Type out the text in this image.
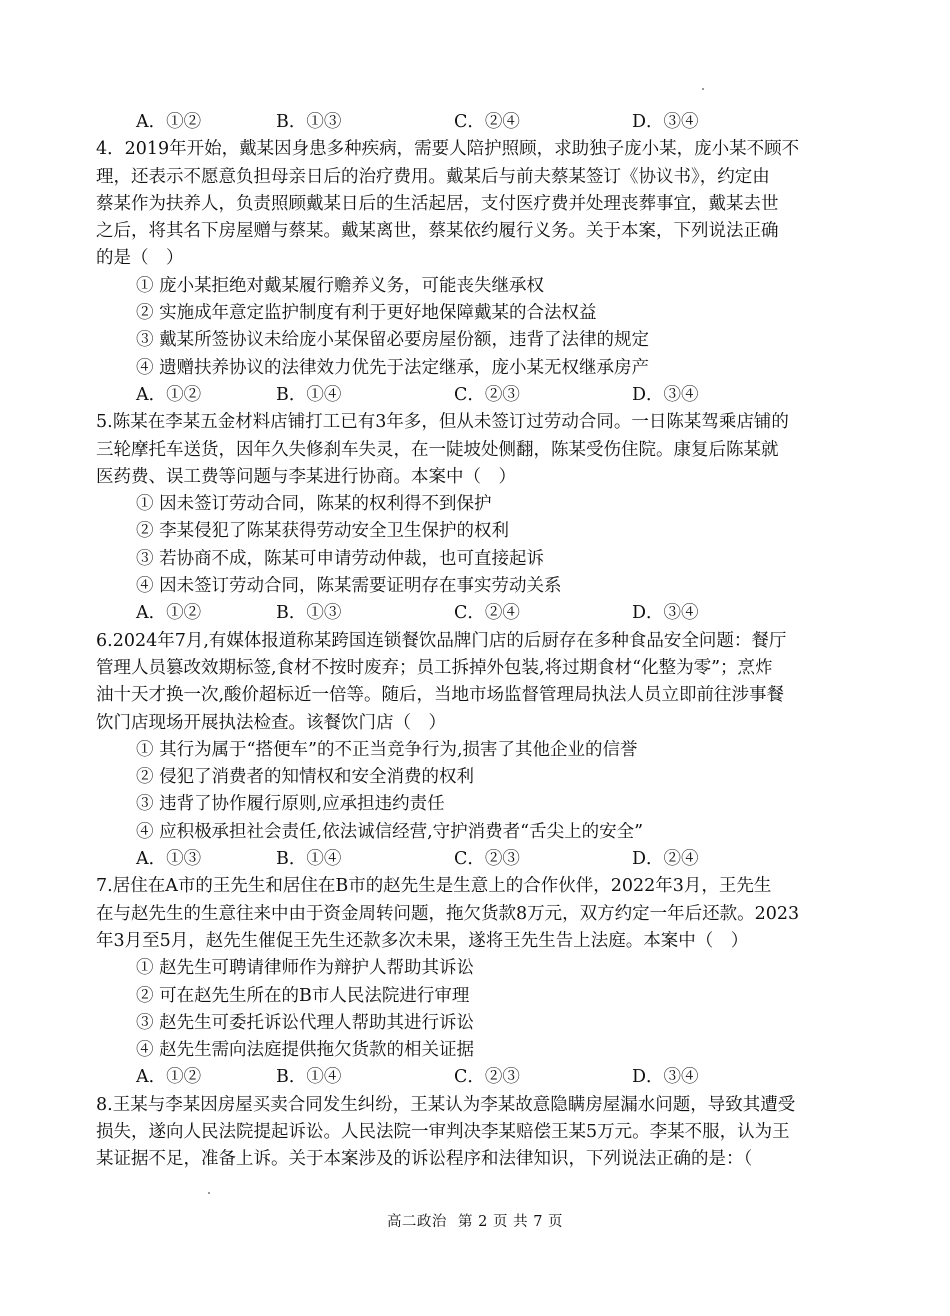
A．①②	B．①③	C．②④	D．③④
4．2019年开始，戴某因身患多种疾病，需要人陪护照顾，求助独子庞小某，庞小某不顾不
理，还表示不愿意负担母亲日后的治疗费用。戴某后与前夫蔡某签订《协议书》，约定由
蔡某作为扶养人，负责照顾戴某日后的生活起居，支付医疗费并处理丧葬事宜，戴某去世
之后，将其名下房屋赠与蔡某。戴某离世，蔡某依约履行义务。关于本案，下列说法正确
的是（　）
① 庞小某拒绝对戴某履行赡养义务，可能丧失继承权
② 实施成年意定监护制度有利于更好地保障戴某的合法权益
③ 戴某所签协议未给庞小某保留必要房屋份额，违背了法律的规定
④ 遗赠扶养协议的法律效力优先于法定继承，庞小某无权继承房产
A．①②	B．①④	C．②③	D．③④
5.陈某在李某五金材料店铺打工已有3年多，但从未签订过劳动合同。一日陈某驾乘店铺的
三轮摩托车送货，因年久失修刹车失灵，在一陡坡处侧翻，陈某受伤住院。康复后陈某就
医药费、误工费等问题与李某进行协商。本案中（　）
① 因未签订劳动合同，陈某的权利得不到保护
② 李某侵犯了陈某获得劳动安全卫生保护的权利
③ 若协商不成，陈某可申请劳动仲裁，也可直接起诉
④ 因未签订劳动合同，陈某需要证明存在事实劳动关系
A．①②	B．①③	C．②④	D．③④
6.2024年7月,有媒体报道称某跨国连锁餐饮品牌门店的后厨存在多种食品安全问题：餐厅
管理人员篡改效期标签,食材不按时废弃；员工拆掉外包装,将过期食材“化整为零”；烹炸
油十天才换一次,酸价超标近一倍等。随后，当地市场监督管理局执法人员立即前往涉事餐
饮门店现场开展执法检查。该餐饮门店（　）
① 其行为属于“搭便车”的不正当竞争行为,损害了其他企业的信誉
② 侵犯了消费者的知情权和安全消费的权利
③ 违背了协作履行原则,应承担违约责任
④ 应积极承担社会责任,依法诚信经营,守护消费者“舌尖上的安全”
A．①③	B．①④	C．②③	D．②④
7.居住在A市的王先生和居住在B市的赵先生是生意上的合作伙伴，2022年3月，王先生
在与赵先生的生意往来中由于资金周转问题，拖欠货款8万元，双方约定一年后还款。2023
年3月至5月，赵先生催促王先生还款多次未果，遂将王先生告上法庭。本案中（　）
① 赵先生可聘请律师作为辩护人帮助其诉讼
② 可在赵先生所在的B市人民法院进行审理
③ 赵先生可委托诉讼代理人帮助其进行诉讼
④ 赵先生需向法庭提供拖欠货款的相关证据
A．①②	B．①④	C．②③	D．③④
8.王某与李某因房屋买卖合同发生纠纷，王某认为李某故意隐瞒房屋漏水问题，导致其遭受
损失，遂向人民法院提起诉讼。人民法院一审判决李某赔偿王某5万元。李某不服，认为王
某证据不足，准备上诉。关于本案涉及的诉讼程序和法律知识，下列说法正确的是：（
高二政治 第 2 页 共 7 页
